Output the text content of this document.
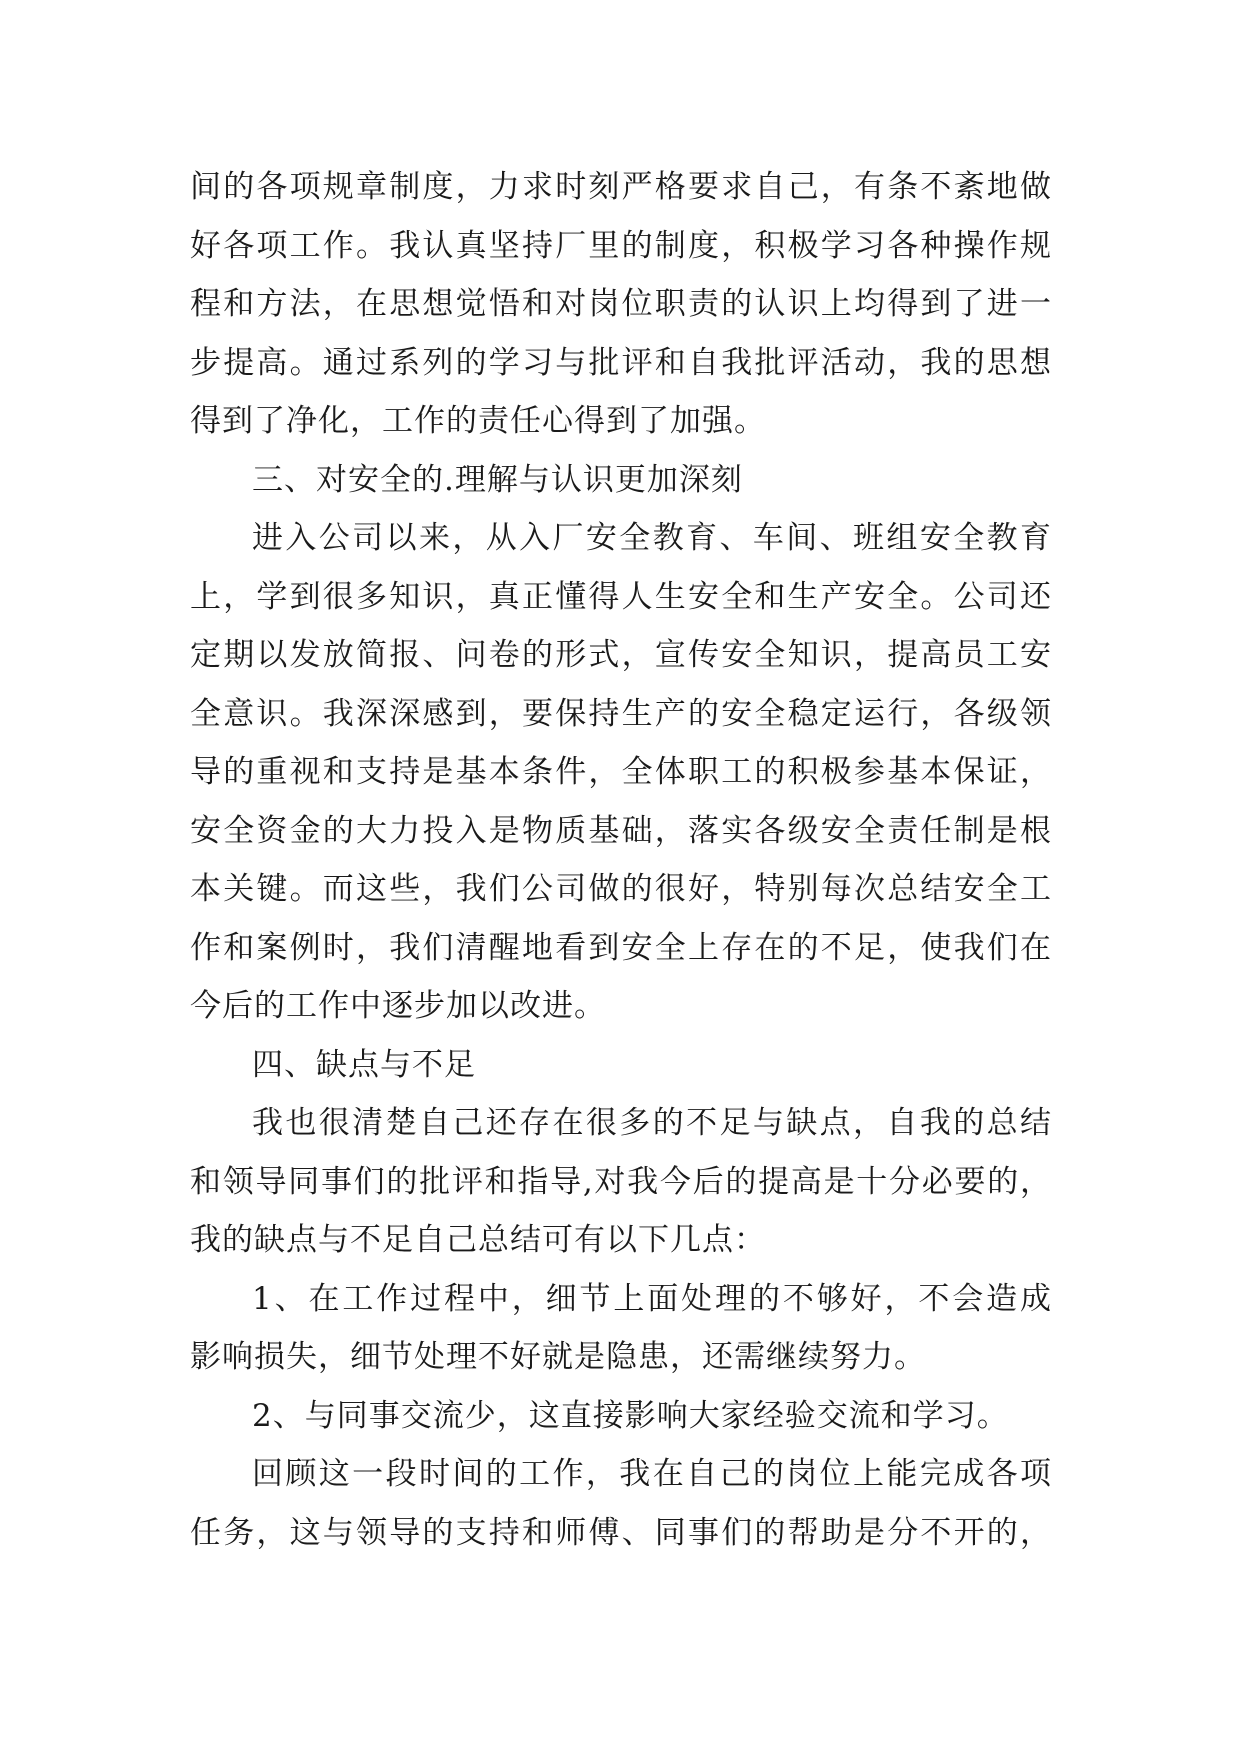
间的各项规章制度，力求时刻严格要求自己，有条不紊地做
好各项工作。我认真坚持厂里的制度，积极学习各种操作规
程和方法，在思想觉悟和对岗位职责的认识上均得到了进一
步提高。通过系列的学习与批评和自我批评活动，我的思想
得到了净化，工作的责任心得到了加强。
三、对安全的.理解与认识更加深刻
进入公司以来，从入厂安全教育、车间、班组安全教育
上，学到很多知识，真正懂得人生安全和生产安全。公司还
定期以发放简报、问卷的形式，宣传安全知识，提高员工安
全意识。我深深感到，要保持生产的安全稳定运行，各级领
导的重视和支持是基本条件，全体职工的积极参基本保证，
安全资金的大力投入是物质基础，落实各级安全责任制是根
本关键。而这些，我们公司做的很好，特别每次总结安全工
作和案例时，我们清醒地看到安全上存在的不足，使我们在
今后的工作中逐步加以改进。
四、缺点与不足
我也很清楚自己还存在很多的不足与缺点，自我的总结
和领导同事们的批评和指导,对我今后的提高是十分必要的，
我的缺点与不足自己总结可有以下几点：
1、在工作过程中，细节上面处理的不够好，不会造成
影响损失，细节处理不好就是隐患，还需继续努力。
2、与同事交流少，这直接影响大家经验交流和学习。
回顾这一段时间的工作，我在自己的岗位上能完成各项
任务，这与领导的支持和师傅、同事们的帮助是分不开的，
